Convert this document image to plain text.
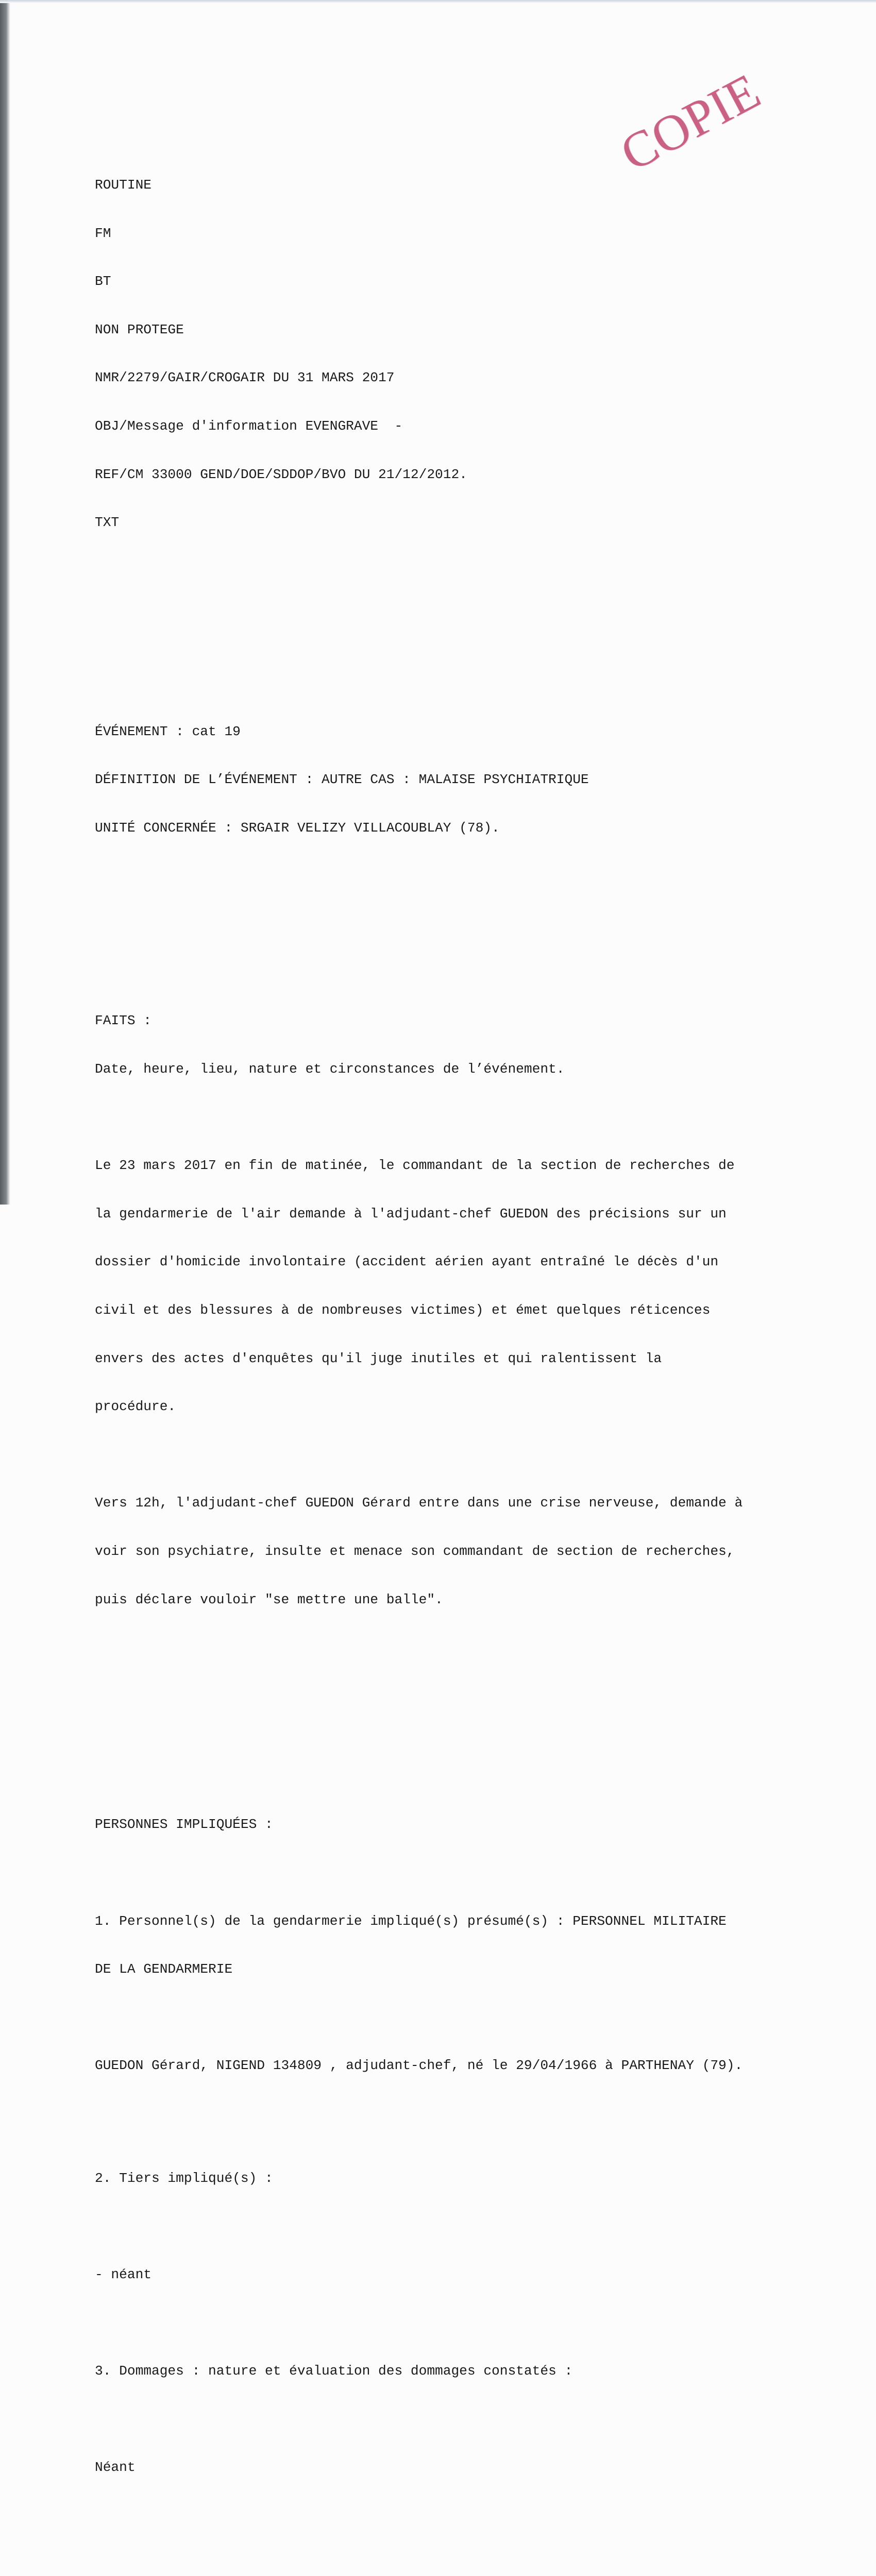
COPIE

ROUTINE

FM

BT

NON PROTEGE

NMR/2279/GAIR/CROGAIR DU 31 MARS 2017

OBJ/Message d'information EVENGRAVE  -

REF/CM 33000 GEND/DOE/SDDOP/BVO DU 21/12/2012.

TXT

ÉVÉNEMENT : cat 19

DÉFINITION DE L’ÉVÉNEMENT : AUTRE CAS : MALAISE PSYCHIATRIQUE

UNITÉ CONCERNÉE : SRGAIR VELIZY VILLACOUBLAY (78).

FAITS :

Date, heure, lieu, nature et circonstances de l’événement.

Le 23 mars 2017 en fin de matinée, le commandant de la section de recherches de

la gendarmerie de l'air demande à l'adjudant-chef GUEDON des précisions sur un

dossier d'homicide involontaire (accident aérien ayant entraîné le décès d'un

civil et des blessures à de nombreuses victimes) et émet quelques réticences

envers des actes d'enquêtes qu'il juge inutiles et qui ralentissent la

procédure.

Vers 12h, l'adjudant-chef GUEDON Gérard entre dans une crise nerveuse, demande à

voir son psychiatre, insulte et menace son commandant de section de recherches,

puis déclare vouloir "se mettre une balle".

PERSONNES IMPLIQUÉES :

1. Personnel(s) de la gendarmerie impliqué(s) présumé(s) : PERSONNEL MILITAIRE

DE LA GENDARMERIE

GUEDON Gérard, NIGEND 134809 , adjudant-chef, né le 29/04/1966 à PARTHENAY (79).

2. Tiers impliqué(s) :

- néant

3. Dommages : nature et évaluation des dommages constatés :

Néant
